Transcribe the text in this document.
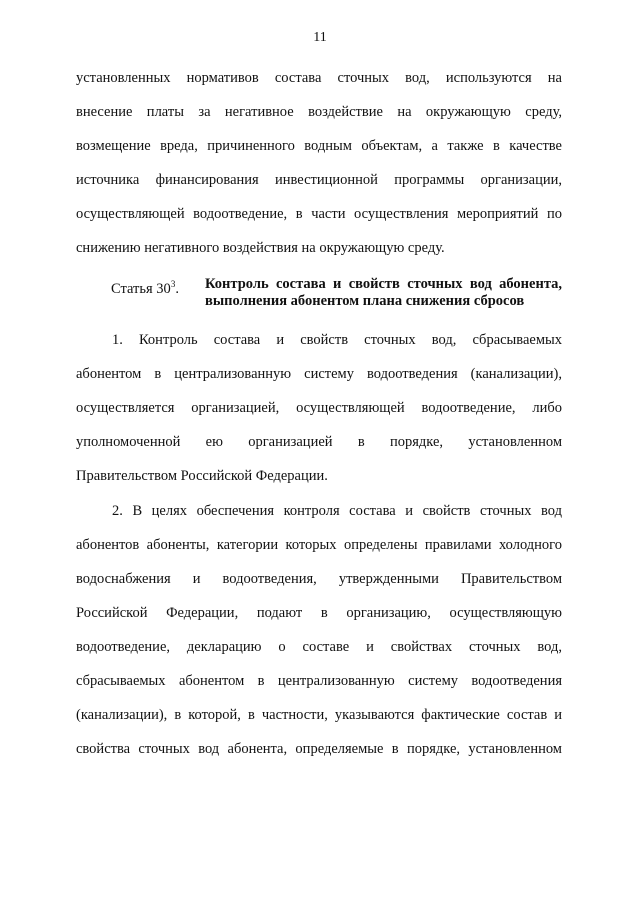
11
установленных нормативов состава сточных вод, используются на
внесение платы за негативное воздействие на окружающую среду,
возмещение вреда, причиненного водным объектам, а также в качестве
источника финансирования инвестиционной программы организации,
осуществляющей водоотведение, в части осуществления мероприятий по
снижению негативного воздействия на окружающую среду.
Статья $30^3$. Контроль состава и свойств сточных вод абонента,
выполнения абонентом плана снижения сбросов
1. Контроль состава и свойств сточных вод, сбрасываемых
абонентом в централизованную систему водоотведения (канализации),
осуществляется организацией, осуществляющей водоотведение, либо
уполномоченной ею организацией в порядке, установленном
Правительством Российской Федерации.
2. В целях обеспечения контроля состава и свойств сточных вод
абонентов абоненты, категории которых определены правилами холодного
водоснабжения и водоотведения, утвержденными Правительством
Российской Федерации, подают в организацию, осуществляющую
водоотведение, декларацию о составе и свойствах сточных вод,
сбрасываемых абонентом в централизованную систему водоотведения
(канализации), в которой, в частности, указываются фактические состав и
свойства сточных вод абонента, определяемые в порядке, установленном
